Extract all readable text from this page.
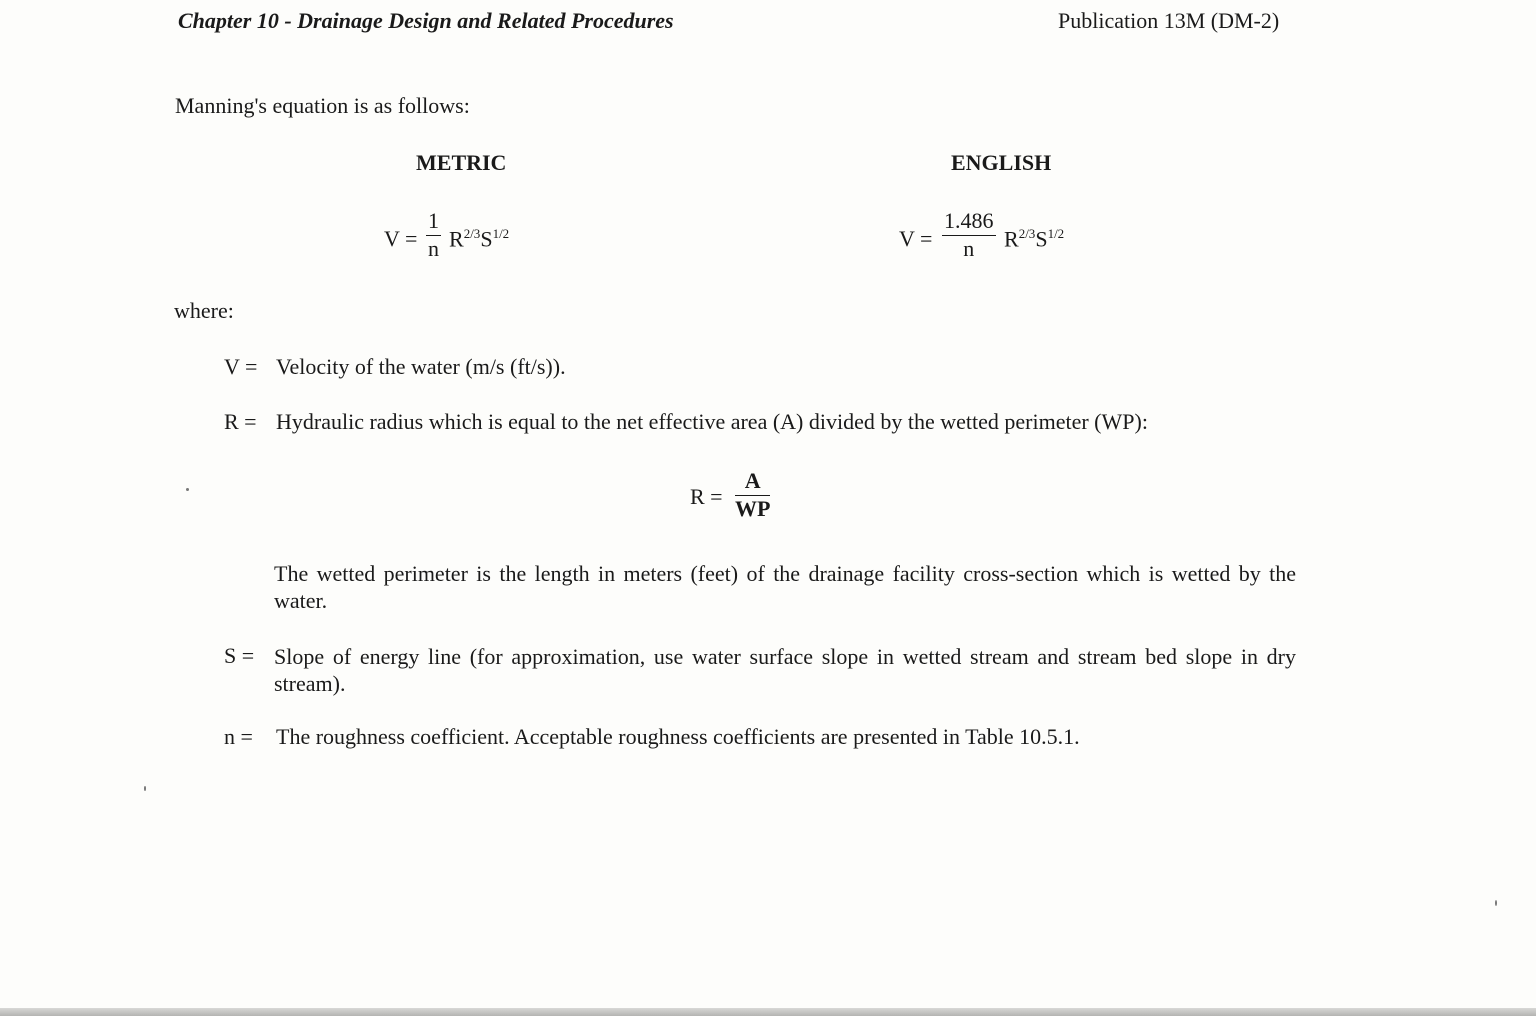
Chapter 10 - Drainage Design and Related Procedures	Publication 13M (DM-2)
Manning's equation is as follows:
METRIC	ENGLISH
$V = \frac{1}{n} R^{2/3}S^{1/2}$	$V = \frac{1.486}{n} R^{2/3}S^{1/2}$
where:
V = Velocity of the water (m/s (ft/s)).
R = Hydraulic radius which is equal to the net effective area (A) divided by the wetted perimeter (WP):
$R = \frac{A}{WP}$
The wetted perimeter is the length in meters (feet) of the drainage facility cross-section which is wetted by the water.
S = Slope of energy line (for approximation, use water surface slope in wetted stream and stream bed slope in dry stream).
n = The roughness coefficient. Acceptable roughness coefficients are presented in Table 10.5.1.
